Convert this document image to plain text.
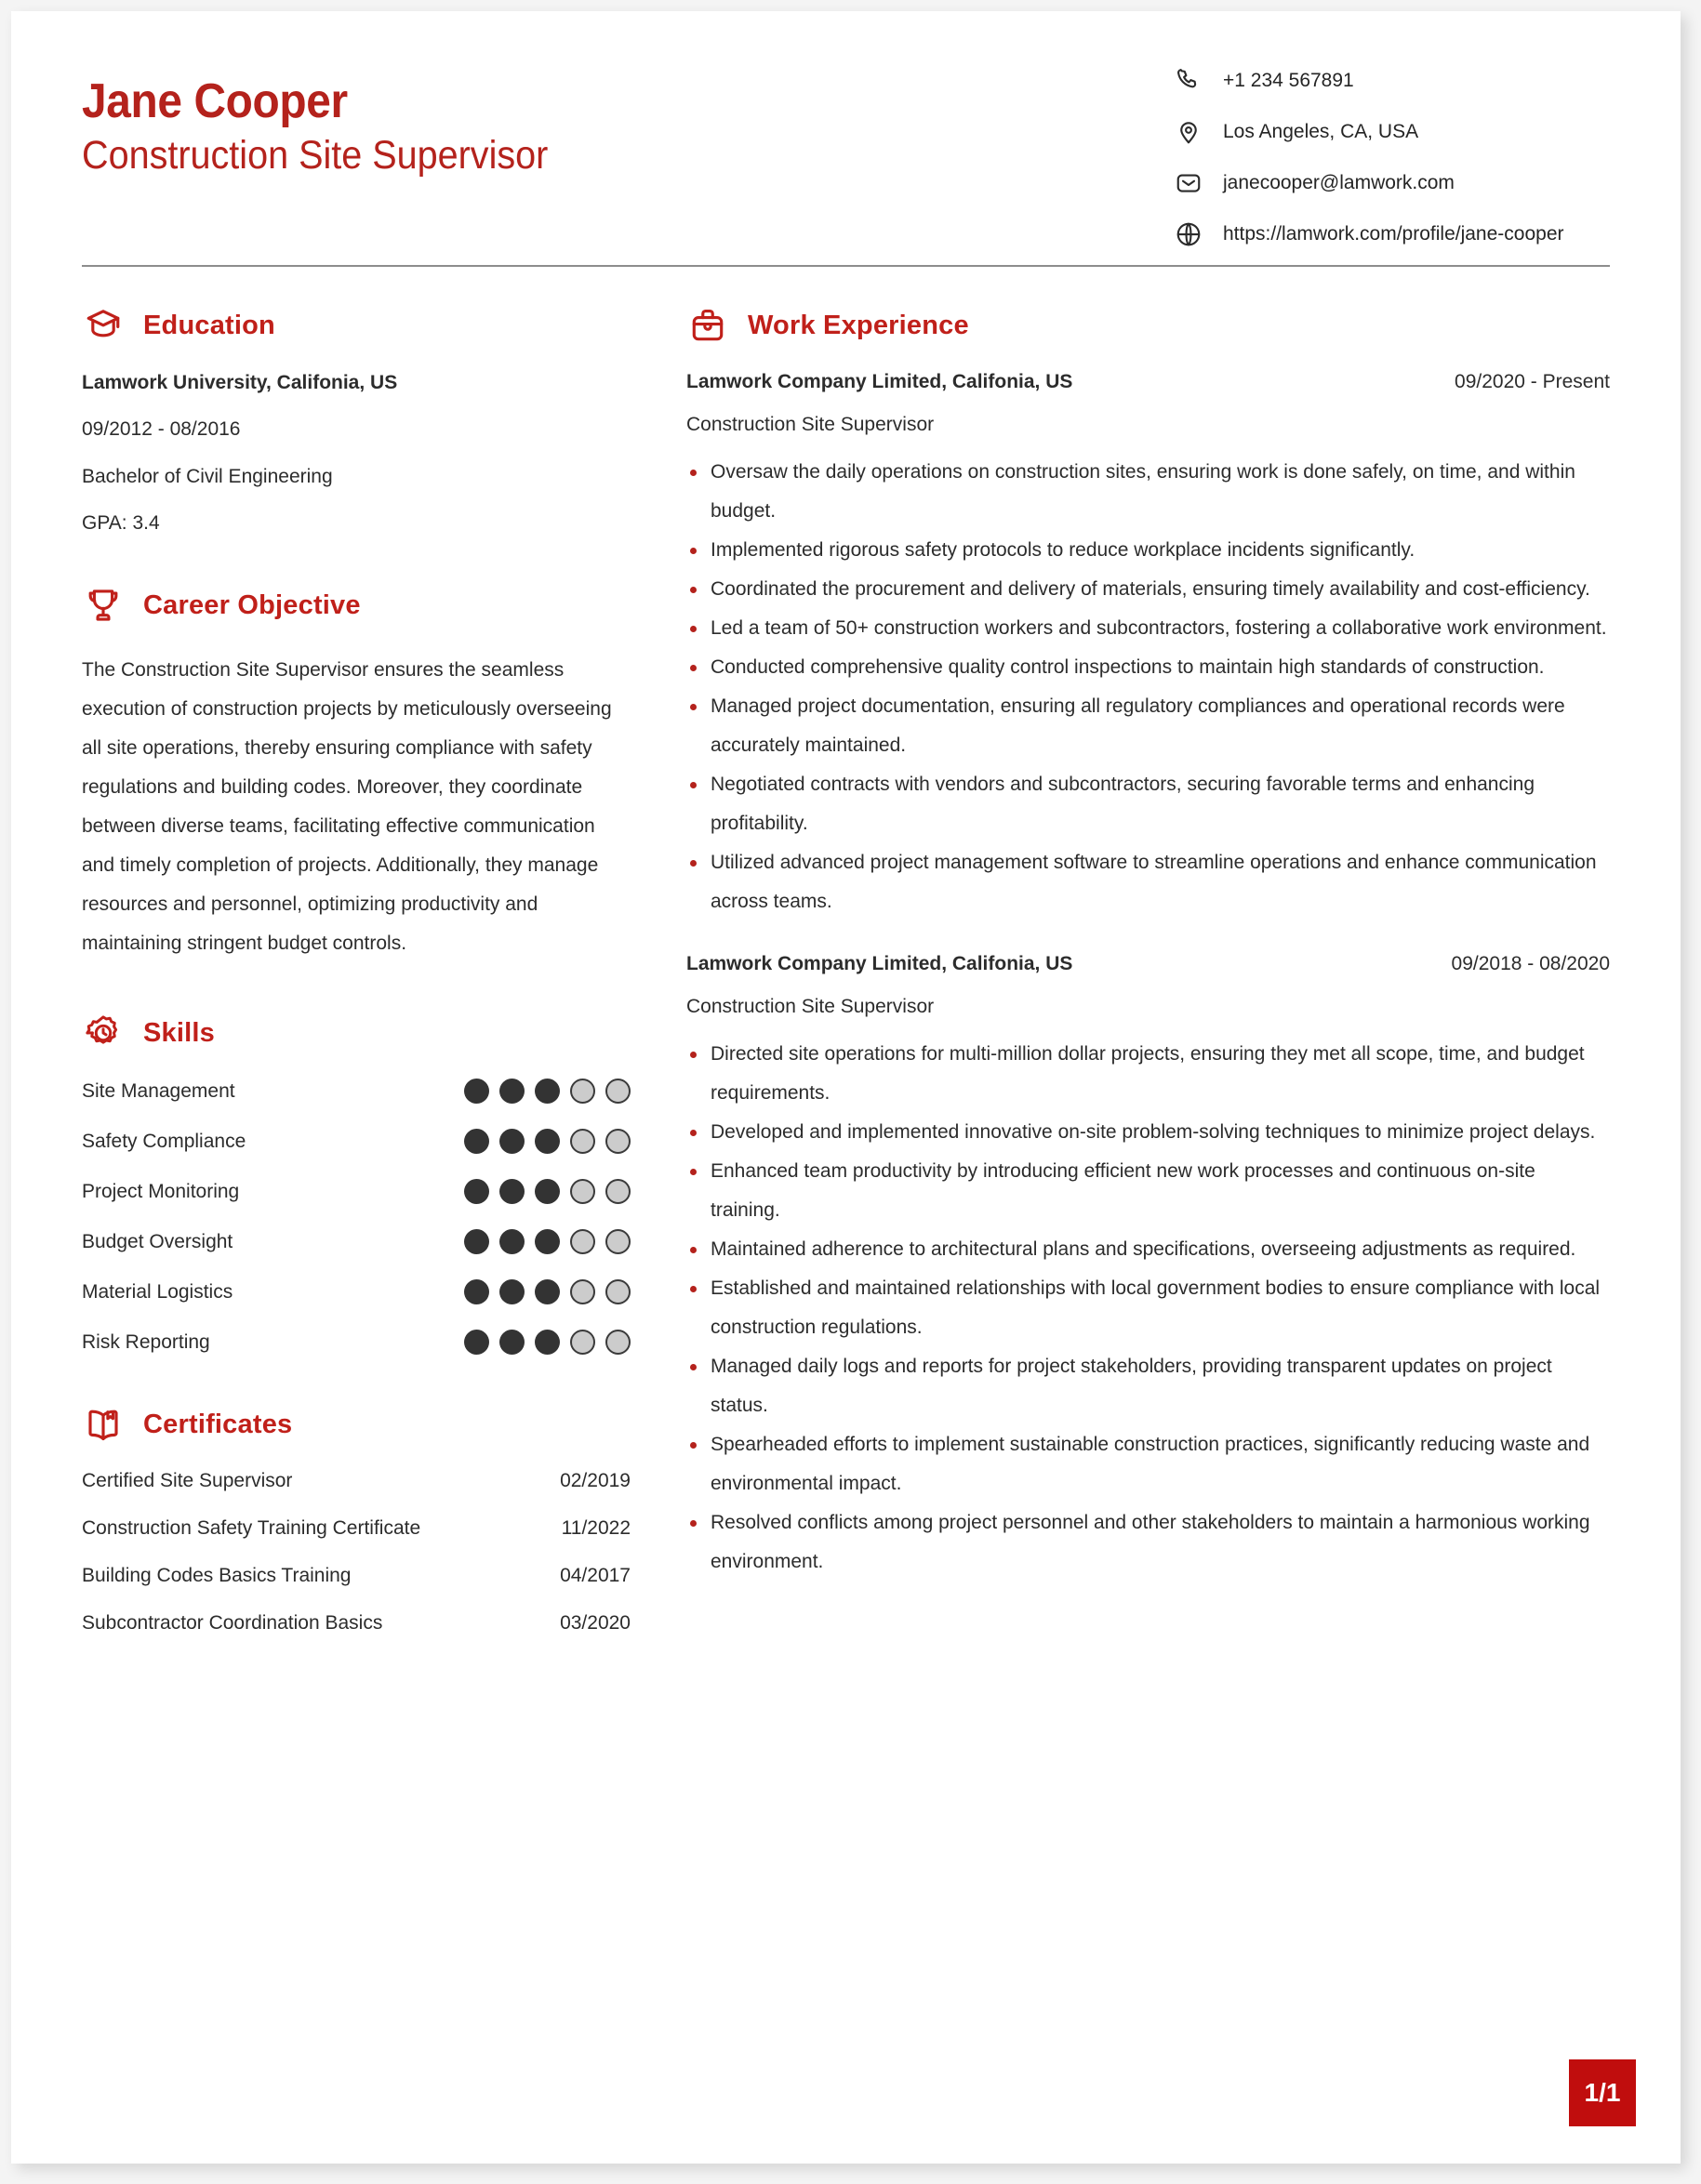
Jane Cooper
Construction Site Supervisor
+1 234 567891
Los Angeles, CA, USA
janecooper@lamwork.com
https://lamwork.com/profile/jane-cooper
Education
Lamwork University, Califonia, US
09/2012 - 08/2016
Bachelor of Civil Engineering
GPA: 3.4
Career Objective
The Construction Site Supervisor ensures the seamless execution of construction projects by meticulously overseeing all site operations, thereby ensuring compliance with safety regulations and building codes. Moreover, they coordinate between diverse teams, facilitating effective communication and timely completion of projects. Additionally, they manage resources and personnel, optimizing productivity and maintaining stringent budget controls.
Skills
Site Management
Safety Compliance
Project Monitoring
Budget Oversight
Material Logistics
Risk Reporting
Certificates
Certified Site Supervisor	02/2019
Construction Safety Training Certificate	11/2022
Building Codes Basics Training	04/2017
Subcontractor Coordination Basics	03/2020
Work Experience
Lamwork Company Limited, Califonia, US	09/2020 - Present
Construction Site Supervisor
Oversaw the daily operations on construction sites, ensuring work is done safely, on time, and within budget.
Implemented rigorous safety protocols to reduce workplace incidents significantly.
Coordinated the procurement and delivery of materials, ensuring timely availability and cost-efficiency.
Led a team of 50+ construction workers and subcontractors, fostering a collaborative work environment.
Conducted comprehensive quality control inspections to maintain high standards of construction.
Managed project documentation, ensuring all regulatory compliances and operational records were accurately maintained.
Negotiated contracts with vendors and subcontractors, securing favorable terms and enhancing profitability.
Utilized advanced project management software to streamline operations and enhance communication across teams.
Lamwork Company Limited, Califonia, US	09/2018 - 08/2020
Construction Site Supervisor
Directed site operations for multi-million dollar projects, ensuring they met all scope, time, and budget requirements.
Developed and implemented innovative on-site problem-solving techniques to minimize project delays.
Enhanced team productivity by introducing efficient new work processes and continuous on-site training.
Maintained adherence to architectural plans and specifications, overseeing adjustments as required.
Established and maintained relationships with local government bodies to ensure compliance with local construction regulations.
Managed daily logs and reports for project stakeholders, providing transparent updates on project status.
Spearheaded efforts to implement sustainable construction practices, significantly reducing waste and environmental impact.
Resolved conflicts among project personnel and other stakeholders to maintain a harmonious working environment.
1/1
